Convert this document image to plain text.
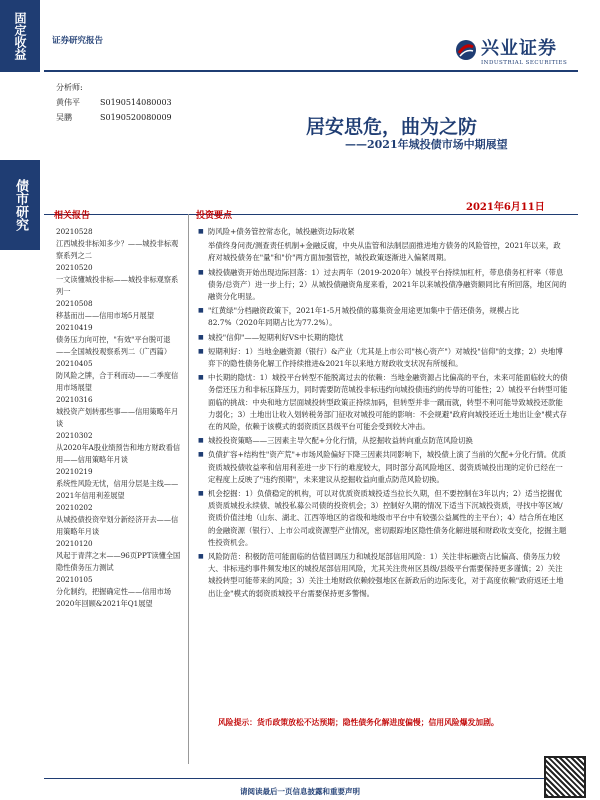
固定收益
债市研究
证券研究报告	兴业证券
INDUSTRIAL SECURITIES
分析师:
黄伟平	S0190514080003
吴鹏	S0190520080009	居安思危，曲为之防
——2021年城投债市场中期展望
2021年6月11日
相关报告
20210528
江西城投非标知多少？——城投非标观察系列之二
20210520
一文读懂城投非标——城投非标观察系列一
20210508
移基而出——信用市场5月展望
20210419
债务压力向可控，"有效"平台脱可退——全国城投观察系列二（广西篇）
20210405
防风险之牌，合于利而动——二季度信用市场展望
20210316
城投资产划转那些事——信用策略年月谈
20210302
从2020年A股业绩预告和地方财政看信用——信用策略年月谈
20210219
系统性风险无忧，信用分层是主线——2021年信用利差展望
20210202
从城投债投资窄划分新经济开去——信用策略年月谈
20210120
风起于青萍之末——96页PPT读懂全国隐性债务压力测试
20210105
分化制约，把握确定性——信用市场2020年回顾&2021年Q1展望
投资要点
■ 防风险+债务管控常态化，城投融资边际收紧
举债终身问责/测查责任机制+金融反腐，中央从监管和法制层面推进地方债务的风险管控，2021年以来，政府对城投债务在"量"和"价"两方面加强管控，城投政策逐渐进入偏紧周期。
■ 城投债融资开始出现边际回落：1）过去两年（2019-2020年）城投平台持续加杠杆，带息债务杠杆率（带息债务/总资产）进一步上行；2）从城投债融资角度来看，2021年以来城投债净融资额同比有所回落，地区间的融资分化明显。
■ "红黄绿"分档融资政策下，2021年1-5月城投债的募集资金用途更加集中于借还债务，规模占比82.7%（2020年同期占比为77.2%）。
■ 城投"信仰"——短期利好VS中长期的隐忧
■ 短期利好：1）当地金融资源（银行）&产业（尤其是上市公司"核心资产"）对城投"信仰"的支撑；2）央地博弈下的隐性债务化解工作持续推进&2021年以来地方财政收支状况有所缓和。
■ 中长期的隐忧：1）城投平台转型不能脱离过去的依赖：当地金融资源占比偏高的平台，未来可能面临较大的债务偿还压力和非标压降压力，同时需要防范城投非标违约向城投债违约的传导的可能性；2）城投平台转型可能面临的挑战：中央和地方层面城投转型政策正持续加码，但转型并非一蹴而就，转型不利可能导致城投还款能力弱化；3）土地出让收入划转税务部门征收对城投可能的影响：不会规避"政府向城投还近土地出让金"模式存在的风险，依赖于该模式的弱资质区县级平台可能会受到较大冲击。
■ 城投投资策略——三因素主导欠配+分化行情，从挖掘收益转向重点防范风险切换
■ 负债扩容+结构性"资产荒"+市场风险偏好下降三因素共同影响下，城投债上演了当前的欠配+分化行情。优质资质城投债收益率和信用利差进一步下行的难度较大，同时部分高风险地区、弱资质城投出现的定价已经在一定程度上反映了"违约预期"，未来建议从挖掘收益向重点防范风险切换。
■ 机会挖掘：1）负债稳定的机构，可以对优质资质城投适当拉长久期，但不要控制在3年以内；2）适当挖掘优质资质城投永续债、城投私募公司债的投资机会；3）控制好久期的情况下适当下沉城投资质，寻找中等区域/资质价值洼地（山东、湖北、江西等地区的省级和地级市平台中有较强公益属性的主平台）；4）结合所在地区的金融资源（银行）、上市公司或资源型产业情况，密切跟踪地区隐性债务化解进展和财政收支变化，挖掘主题性投资机会。
■ 风险防范：积极防范可能面临的估值回调压力和城投尾部信用风险：1）关注非标融资占比偏高、债务压力较大、非标违约事件频发地区的城投尾部信用风险，尤其关注贵州区县级/县级平台需要保持更多谨慎；2）关注城投转型可能带来的风险；3）关注土地财政依赖较强地区在新政后的边际变化，对于高度依赖"政府返还土地出让金"模式的弱资质城投平台需要保持更多警惕。
风险提示：货币政策放松不达预期；隐性债务化解进度偏慢；信用风险爆发加剧。
请阅读最后一页信息披露和重要声明
